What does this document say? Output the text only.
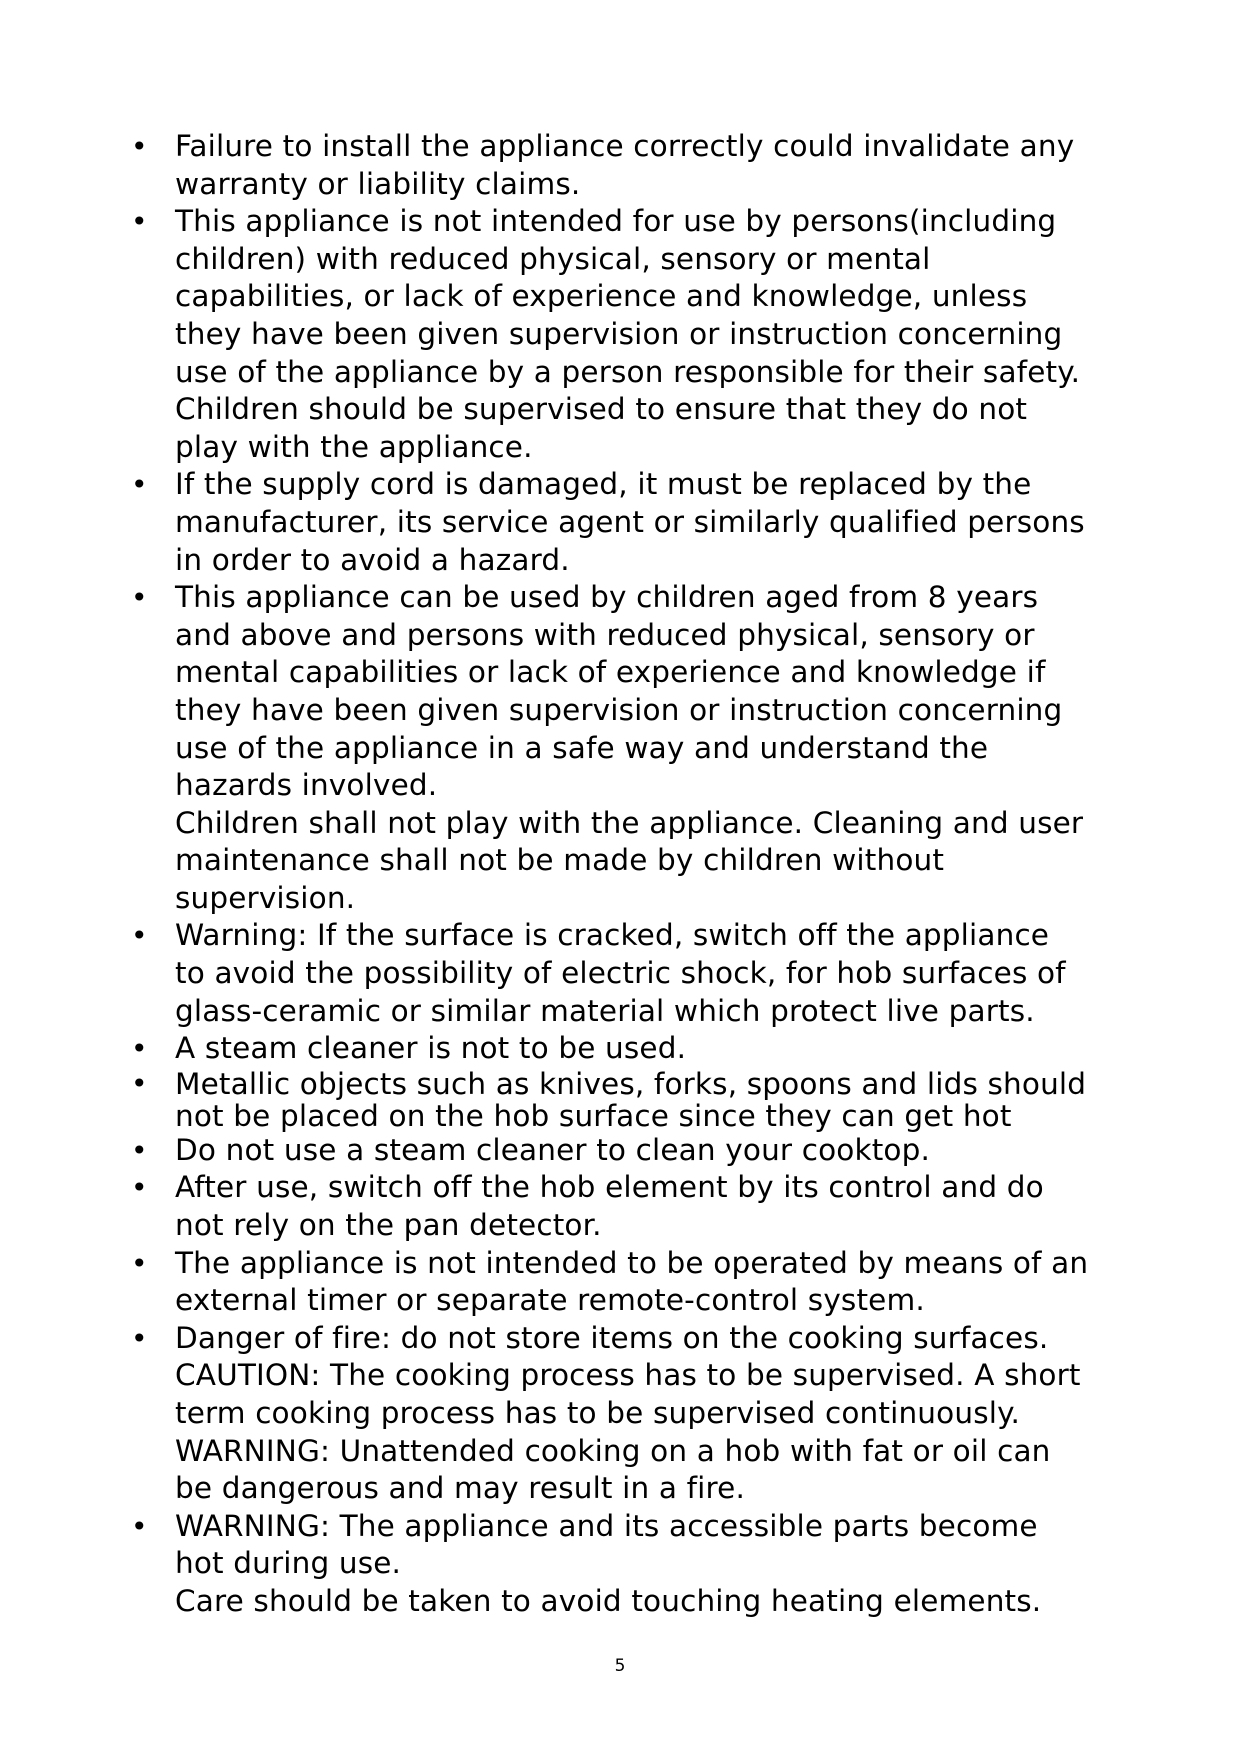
• Failure to install the appliance correctly could invalidate any
warranty or liability claims.
• This appliance is not intended for use by persons(including
children) with reduced physical, sensory or mental
capabilities, or lack of experience and knowledge, unless
they have been given supervision or instruction concerning
use of the appliance by a person responsible for their safety.
Children should be supervised to ensure that they do not
play with the appliance.
• If the supply cord is damaged, it must be replaced by the
manufacturer, its service agent or similarly qualified persons
in order to avoid a hazard.
• This appliance can be used by children aged from 8 years
and above and persons with reduced physical, sensory or
mental capabilities or lack of experience and knowledge if
they have been given supervision or instruction concerning
use of the appliance in a safe way and understand the
hazards involved.
Children shall not play with the appliance. Cleaning and user
maintenance shall not be made by children without
supervision.
• Warning: If the surface is cracked, switch off the appliance
to avoid the possibility of electric shock, for hob surfaces of
glass-ceramic or similar material which protect live parts.
• A steam cleaner is not to be used.
• Metallic objects such as knives, forks, spoons and lids should
not be placed on the hob surface since they can get hot
• Do not use a steam cleaner to clean your cooktop.
• After use, switch off the hob element by its control and do
not rely on the pan detector.
• The appliance is not intended to be operated by means of an
external timer or separate remote-control system.
• Danger of fire: do not store items on the cooking surfaces.
CAUTION: The cooking process has to be supervised. A short
term cooking process has to be supervised continuously.
WARNING: Unattended cooking on a hob with fat or oil can
be dangerous and may result in a fire.
• WARNING: The appliance and its accessible parts become
hot during use.
Care should be taken to avoid touching heating elements.
5
